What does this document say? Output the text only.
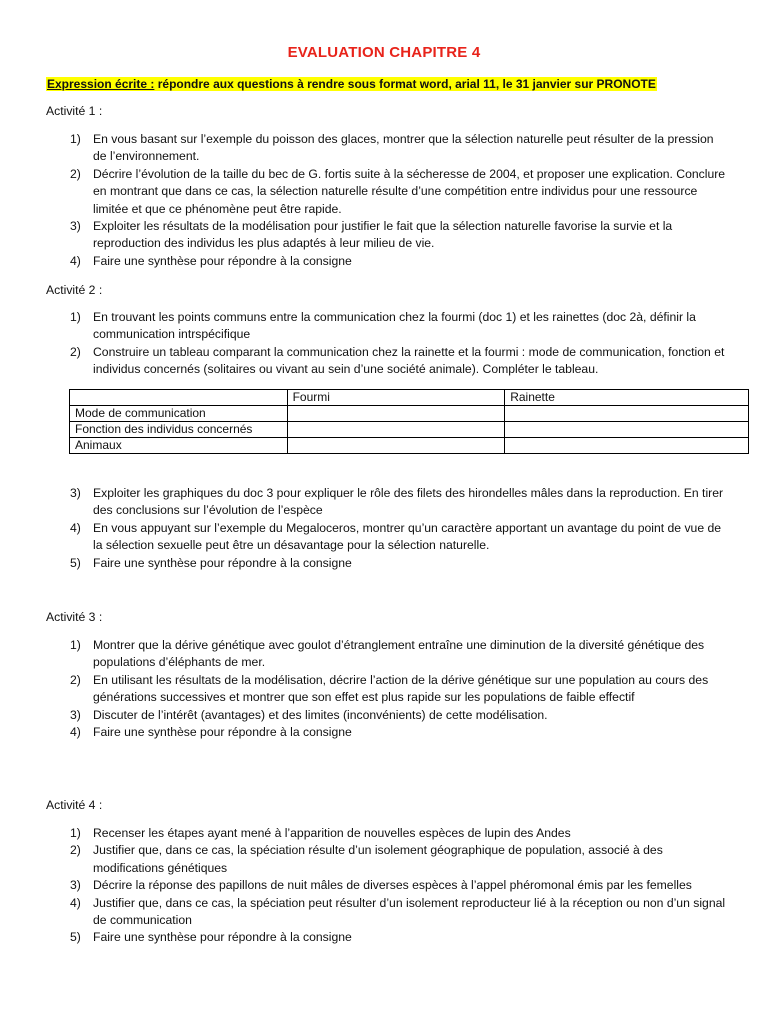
EVALUATION CHAPITRE 4
Expression écrite : répondre aux questions à rendre sous format word, arial 11, le 31 janvier sur PRONOTE
Activité 1 :
1) En vous basant sur l’exemple du poisson des glaces, montrer que la sélection naturelle peut résulter de la pression de l’environnement.
2) Décrire l’évolution de la taille du bec de G. fortis suite à la sécheresse de 2004, et proposer une explication. Conclure en montrant que dans ce cas, la sélection naturelle résulte d’une compétition entre individus pour une ressource limitée et que ce phénomène peut être rapide.
3) Exploiter les résultats de la modélisation pour justifier le fait que la sélection naturelle favorise la survie et la reproduction des individus les plus adaptés à leur milieu de vie.
4) Faire une synthèse pour répondre à la consigne
Activité 2 :
1) En trouvant les points communs entre la communication chez la fourmi (doc 1) et les rainettes (doc 2à, définir la communication intrspécifique
2) Construire un tableau comparant la communication chez la rainette et la fourmi : mode de communication, fonction et individus concernés (solitaires ou vivant au sein d’une société animale). Compléter le tableau.
	Fourmi	Rainette
Mode de communication		
Fonction des individus concernés		
Animaux		
3) Exploiter les graphiques du doc 3 pour expliquer le rôle des filets des hirondelles mâles dans la reproduction. En tirer des conclusions sur l’évolution de l’espèce
4) En vous appuyant sur l’exemple du Megaloceros, montrer qu’un caractère apportant un avantage du point de vue de la sélection sexuelle peut être un désavantage pour la sélection naturelle.
5) Faire une synthèse pour répondre à la consigne
Activité 3 :
1) Montrer que la dérive génétique avec goulot d’étranglement entraîne une diminution de la diversité génétique des populations d’éléphants de mer.
2) En utilisant les résultats de la modélisation, décrire l’action de la dérive génétique sur une population au cours des générations successives et montrer que son effet est plus rapide sur les populations de faible effectif
3) Discuter de l’intérêt (avantages) et des limites (inconvénients) de cette modélisation.
4) Faire une synthèse pour répondre à la consigne
Activité 4 :
1) Recenser les étapes ayant mené à l’apparition de nouvelles espèces de lupin des Andes
2) Justifier que, dans ce cas, la spéciation résulte d’un isolement géographique de population, associé à des modifications génétiques
3) Décrire la réponse des papillons de nuit mâles de diverses espèces à l’appel phéromonal émis par les femelles
4) Justifier que, dans ce cas, la spéciation peut résulter d’un isolement reproducteur lié à la réception ou non d’un signal de communication
5) Faire une synthèse pour répondre à la consigne
